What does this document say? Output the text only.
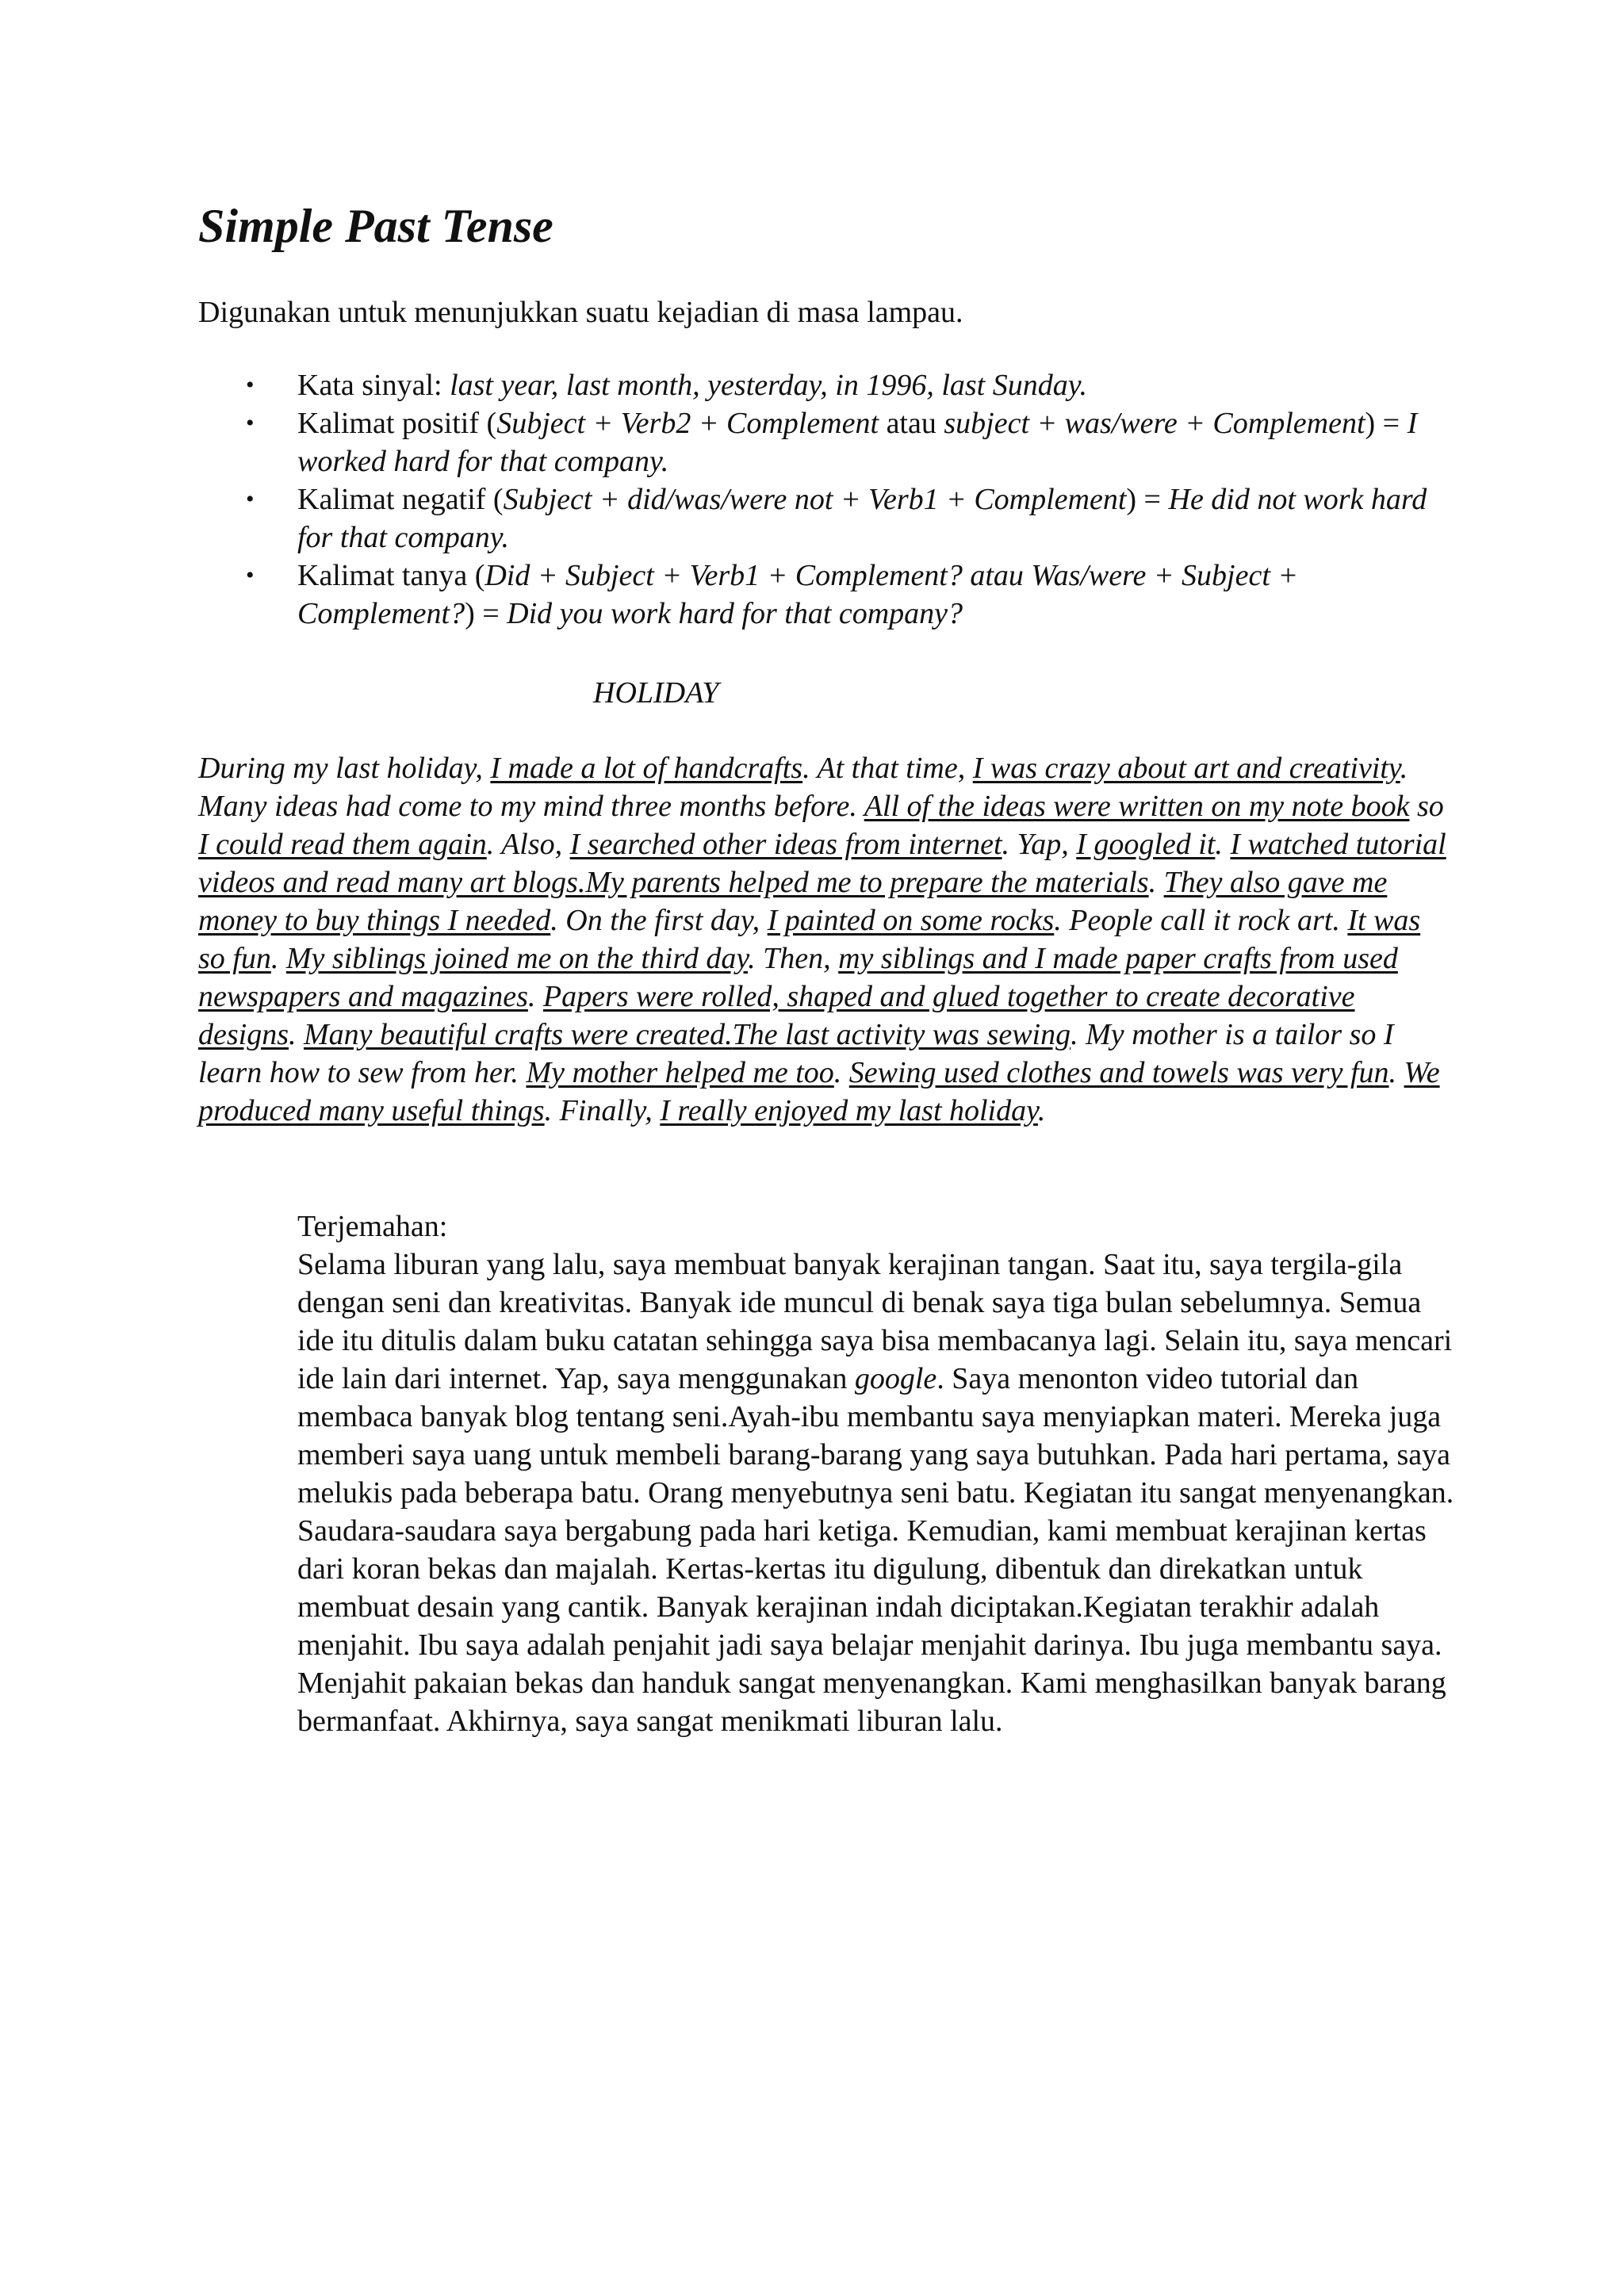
Simple Past Tense

Digunakan untuk menunjukkan suatu kejadian di masa lampau.

• Kata sinyal: last year, last month, yesterday, in 1996, last Sunday.
• Kalimat positif (Subject + Verb2 + Complement atau subject + was/were + Complement) = I worked hard for that company.
• Kalimat negatif (Subject + did/was/were not + Verb1 + Complement) = He did not work hard for that company.
• Kalimat tanya (Did + Subject + Verb1 + Complement? atau Was/were + Subject + Complement?) = Did you work hard for that company?

HOLIDAY

During my last holiday, I made a lot of handcrafts. At that time, I was crazy about art and creativity. Many ideas had come to my mind three months before. All of the ideas were written on my note book so I could read them again. Also, I searched other ideas from internet. Yap, I googled it. I watched tutorial videos and read many art blogs.My parents helped me to prepare the materials. They also gave me money to buy things I needed. On the first day, I painted on some rocks. People call it rock art. It was so fun. My siblings joined me on the third day. Then, my siblings and I made paper crafts from used newspapers and magazines. Papers were rolled, shaped and glued together to create decorative designs. Many beautiful crafts were created.The last activity was sewing. My mother is a tailor so I learn how to sew from her. My mother helped me too. Sewing used clothes and towels was very fun. We produced many useful things. Finally, I really enjoyed my last holiday.

Terjemahan:

Selama liburan yang lalu, saya membuat banyak kerajinan tangan. Saat itu, saya tergila-gila dengan seni dan kreativitas. Banyak ide muncul di benak saya tiga bulan sebelumnya. Semua ide itu ditulis dalam buku catatan sehingga saya bisa membacanya lagi. Selain itu, saya mencari ide lain dari internet. Yap, saya menggunakan google. Saya menonton video tutorial dan membaca banyak blog tentang seni.Ayah-ibu membantu saya menyiapkan materi. Mereka juga memberi saya uang untuk membeli barang-barang yang saya butuhkan. Pada hari pertama, saya melukis pada beberapa batu. Orang menyebutnya seni batu. Kegiatan itu sangat menyenangkan. Saudara-saudara saya bergabung pada hari ketiga. Kemudian, kami membuat kerajinan kertas dari koran bekas dan majalah. Kertas-kertas itu digulung, dibentuk dan direkatkan untuk membuat desain yang cantik. Banyak kerajinan indah diciptakan.Kegiatan terakhir adalah menjahit. Ibu saya adalah penjahit jadi saya belajar menjahit darinya. Ibu juga membantu saya. Menjahit pakaian bekas dan handuk sangat menyenangkan. Kami menghasilkan banyak barang bermanfaat. Akhirnya, saya sangat menikmati liburan lalu.
